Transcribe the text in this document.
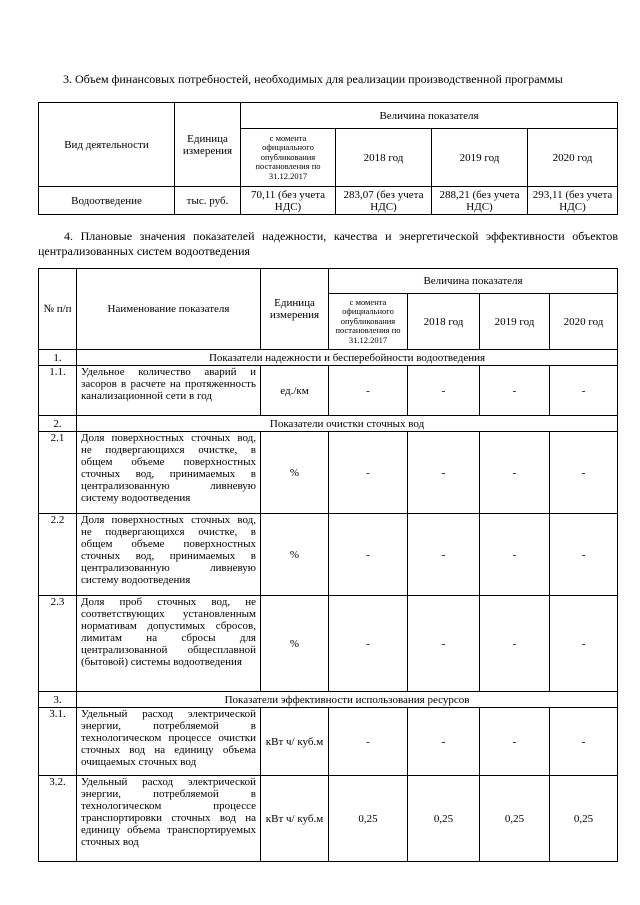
3. Объем финансовых потребностей, необходимых для реализации производственной программы
Вид деятельности	Единица измерения	Величина показателя			
		с момента официального опубликования постановления по 31.12.2017	2018 год	2019 год	2020 год
Водоотведение	тыс. руб.	70,11 (без учета НДС)	283,07 (без учета НДС)	288,21 (без учета НДС)	293,11 (без учета НДС)
4. Плановые значения показателей надежности, качества и энергетической эффективности объектов централизованных систем водоотведения
№ п/п	Наименование показателя	Единица измерения	Величина показателя			
			с момента официального опубликования постановления по 31.12.2017	2018 год	2019 год	2020 год
1.	Показатели надежности и бесперебойности водоотведения					
1.1.	Удельное количество аварий и засоров в расчете на протяженность канализационной сети в год	ед./км	-	-	-	-
2.	Показатели очистки сточных вод					
2.1	Доля поверхностных сточных вод, не подвергающихся очистке, в общем объеме поверхностных сточных вод, принимаемых в централизованную ливневую систему водоотведения	%	-	-	-	-
2.2	Доля поверхностных сточных вод, не подвергающихся очистке, в общем объеме поверхностных сточных вод, принимаемых в централизованную ливневую систему водоотведения	%	-	-	-	-
2.3	Доля проб сточных вод, не соответствующих установленным нормативам допустимых сбросов, лимитам на сбросы для централизованной общесплавной (бытовой) системы водоотведения	%	-	-	-	-
3.	Показатели эффективности использования ресурсов					
3.1.	Удельный расход электрической энергии, потребляемой в технологическом процессе очистки сточных вод на единицу объема очищаемых сточных вод	кВт ч/ куб.м	-	-	-	-
3.2.	Удельный расход электрической энергии, потребляемой в технологическом процессе транспортировки сточных вод на единицу объема транспортируемых сточных вод	кВт ч/ куб.м	0,25	0,25	0,25	0,25
